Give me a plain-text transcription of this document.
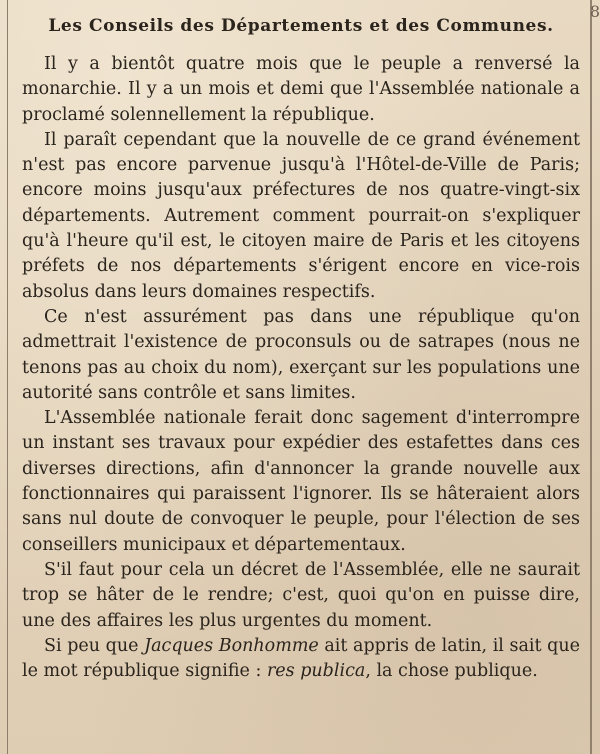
8
Les Conseils des Départements et des Communes.

Il y a bientôt quatre mois que le peuple a renversé la monarchie. Il y a un mois et demi que l'Assemblée nationale a proclamé solennellement la république.

Il paraît cependant que la nouvelle de ce grand événement n'est pas encore parvenue jusqu'à l'Hôtel-de-Ville de Paris; encore moins jusqu'aux préfectures de nos quatre-vingt-six départements. Autrement comment pourrait-on s'expliquer qu'à l'heure qu'il est, le citoyen maire de Paris et les citoyens préfets de nos départements s'érigent encore en vice-rois absolus dans leurs domaines respectifs.

Ce n'est assurément pas dans une république qu'on admettrait l'existence de proconsuls ou de satrapes (nous ne tenons pas au choix du nom), exerçant sur les populations une autorité sans contrôle et sans limites.

L'Assemblée nationale ferait donc sagement d'interrompre un instant ses travaux pour expédier des estafettes dans ces diverses directions, afin d'annoncer la grande nouvelle aux fonctionnaires qui paraissent l'ignorer. Ils se hâteraient alors sans nul doute de convoquer le peuple, pour l'élection de ses conseillers municipaux et départementaux.

S'il faut pour cela un décret de l'Assemblée, elle ne saurait trop se hâter de le rendre; c'est, quoi qu'on en puisse dire, une des affaires les plus urgentes du moment.

Si peu que Jacques Bonhomme ait appris de latin, il sait que le mot république signifie : res publica, la chose publique.
